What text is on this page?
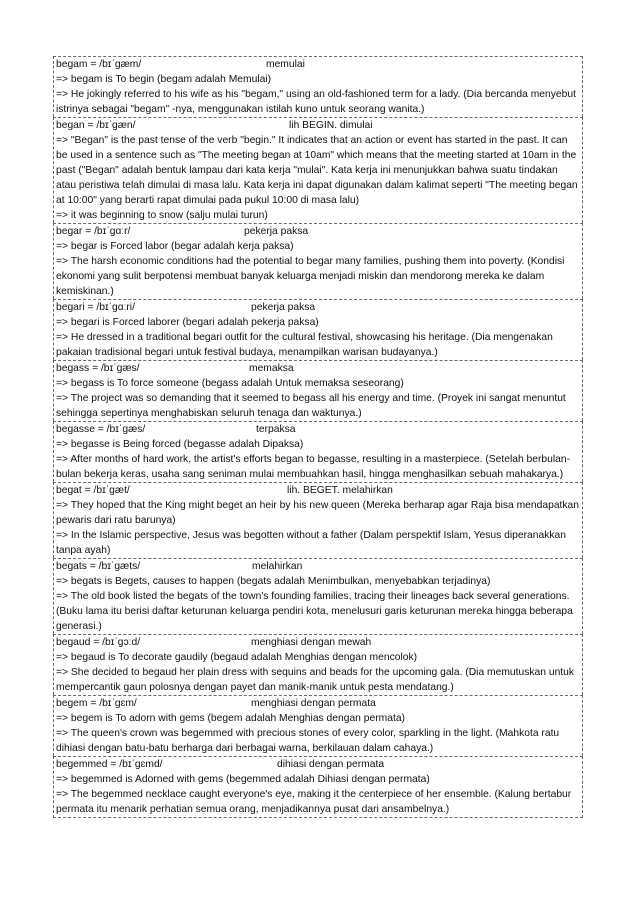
begam = /bɪˈɡæm/	memulai
=> begam is To begin (begam adalah Memulai)
=> He jokingly referred to his wife as his "begam," using an old-fashioned term for a lady. (Dia bercanda menyebut istrinya sebagai "begam" -nya, menggunakan istilah kuno untuk seorang wanita.)
began = /bɪˈɡæn/	lih BEGIN. dimulai
=> "Began" is the past tense of the verb "begin." It indicates that an action or event has started in the past. It can be used in a sentence such as "The meeting began at 10am" which means that the meeting started at 10am in the past ("Began" adalah bentuk lampau dari kata kerja "mulai". Kata kerja ini menunjukkan bahwa suatu tindakan atau peristiwa telah dimulai di masa lalu. Kata kerja ini dapat digunakan dalam kalimat seperti "The meeting began at 10:00" yang berarti rapat dimulai pada pukul 10:00 di masa lalu)
=> it was beginning to snow (salju mulai turun)
begar = /bɪˈɡɑːr/	pekerja paksa
=> begar is Forced labor (begar adalah kerja paksa)
=> The harsh economic conditions had the potential to begar many families, pushing them into poverty. (Kondisi ekonomi yang sulit berpotensi membuat banyak keluarga menjadi miskin dan mendorong mereka ke dalam kemiskinan.)
begari = /bɪˈɡɑːri/	pekerja paksa
=> begari is Forced laborer (begari adalah pekerja paksa)
=> He dressed in a traditional begari outfit for the cultural festival, showcasing his heritage. (Dia mengenakan pakaian tradisional begari untuk festival budaya, menampilkan warisan budayanya.)
begass = /bɪˈɡæs/	memaksa
=> begass is To force someone (begass adalah Untuk memaksa seseorang)
=> The project was so demanding that it seemed to begass all his energy and time. (Proyek ini sangat menuntut sehingga sepertinya menghabiskan seluruh tenaga dan waktunya.)
begasse = /bɪˈɡæs/	terpaksa
=> begasse is Being forced (begasse adalah Dipaksa)
=> After months of hard work, the artist's efforts began to begasse, resulting in a masterpiece. (Setelah berbulan-bulan bekerja keras, usaha sang seniman mulai membuahkan hasil, hingga menghasilkan sebuah mahakarya.)
begat = /bɪˈɡæt/	lih. BEGET. melahirkan
=> They hoped that the King might beget an heir by his new queen (Mereka berharap agar Raja bisa mendapatkan pewaris dari ratu barunya)
=> In the Islamic perspective, Jesus was begotten without a father (Dalam perspektif Islam, Yesus diperanakkan tanpa ayah)
begats = /bɪˈɡæts/	melahirkan
=> begats is Begets, causes to happen (begats adalah Menimbulkan, menyebabkan terjadinya)
=> The old book listed the begats of the town's founding families, tracing their lineages back several generations. (Buku lama itu berisi daftar keturunan keluarga pendiri kota, menelusuri garis keturunan mereka hingga beberapa generasi.)
begaud = /bɪˈɡɔːd/	menghiasi dengan mewah
=> begaud is To decorate gaudily (begaud adalah Menghias dengan mencolok)
=> She decided to begaud her plain dress with sequins and beads for the upcoming gala. (Dia memutuskan untuk mempercantik gaun polosnya dengan payet dan manik-manik untuk pesta mendatang.)
begem = /bɪˈɡɛm/	menghiasi dengan permata
=> begem is To adorn with gems (begem adalah Menghias dengan permata)
=> The queen's crown was begemmed with precious stones of every color, sparkling in the light. (Mahkota ratu dihiasi dengan batu-batu berharga dari berbagai warna, berkilauan dalam cahaya.)
begemmed = /bɪˈɡɛmd/	dihiasi dengan permata
=> begemmed is Adorned with gems (begemmed adalah Dihiasi dengan permata)
=> The begemmed necklace caught everyone's eye, making it the centerpiece of her ensemble. (Kalung bertabur permata itu menarik perhatian semua orang, menjadikannya pusat dari ansambelnya.)
